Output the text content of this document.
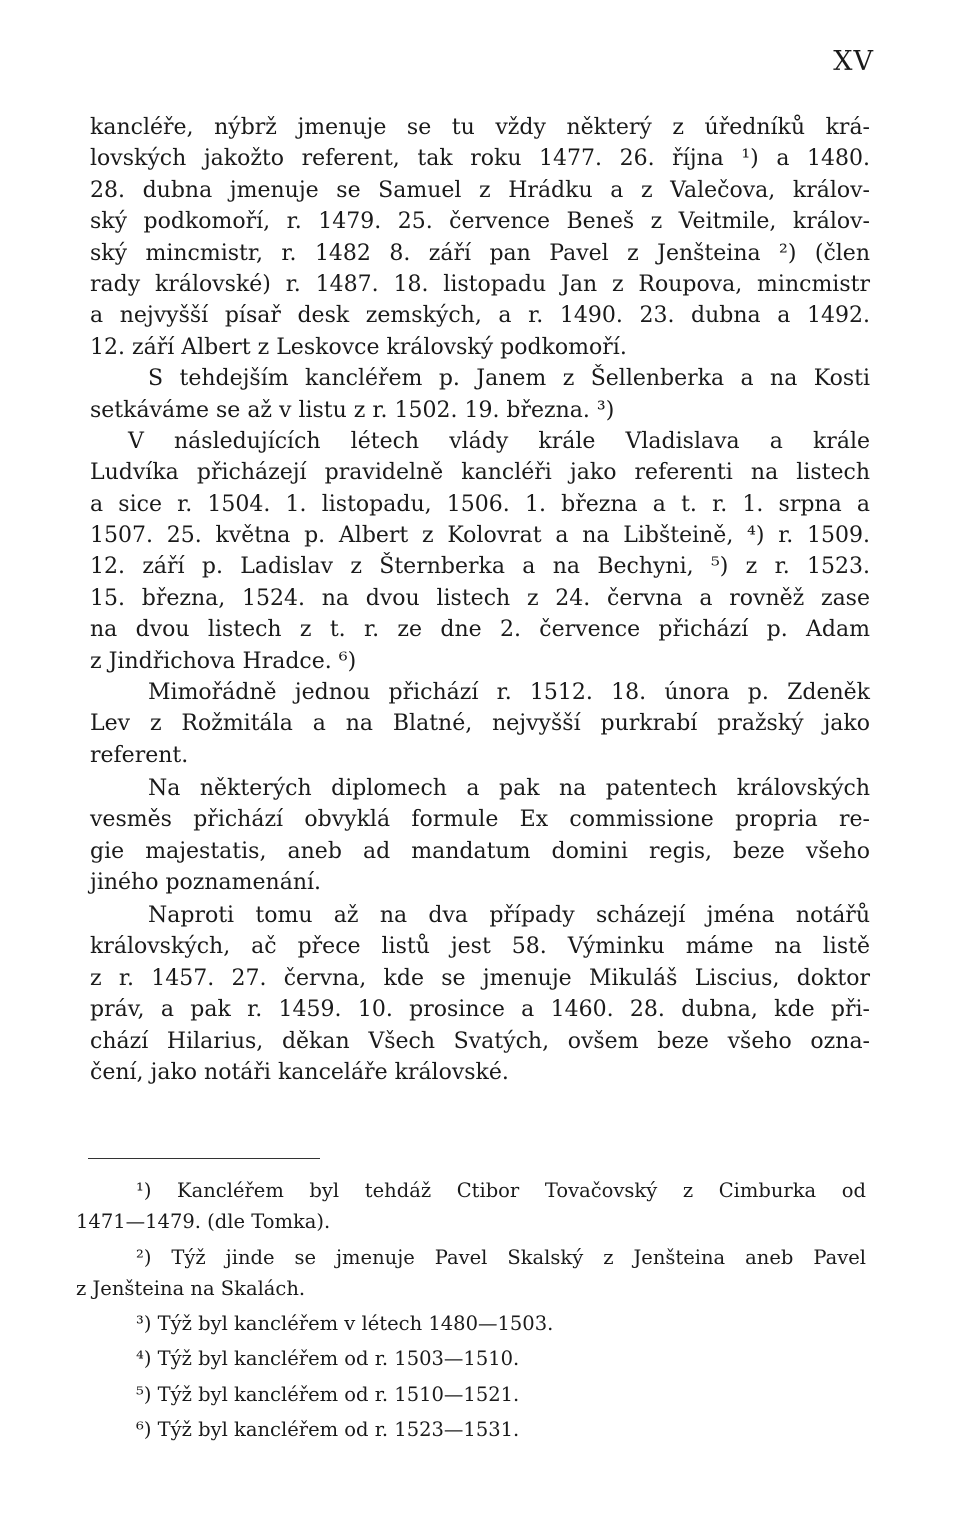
XV
kancléře, nýbrž jmenuje se tu vždy některý z úředníků krá-
lovských jakožto referent, tak roku 1477. 26. října ¹) a 1480.
28. dubna jmenuje se Samuel z Hrádku a z Valečova, králov-
ský podkomoří, r. 1479. 25. července Beneš z Veitmile, králov-
ský mincmistr, r. 1482 8. září pan Pavel z Jenšteina ²) (člen
rady královské) r. 1487. 18. listopadu Jan z Roupova, mincmistr
a nejvyšší písař desk zemských, a r. 1490. 23. dubna a 1492.
12. září Albert z Leskovce královský podkomoří.
S tehdejším kancléřem p. Janem z Šellenberka a na Kosti
setkáváme se až v listu z r. 1502. 19. března. ³)
V následujících létech vlády krále Vladislava a krále
Ludvíka přicházejí pravidelně kancléři jako referenti na listech
a sice r. 1504. 1. listopadu, 1506. 1. března a t. r. 1. srpna a
1507. 25. května p. Albert z Kolovrat a na Libšteině, ⁴) r. 1509.
12. září p. Ladislav z Šternberka a na Bechyni, ⁵) z r. 1523.
15. března, 1524. na dvou listech z 24. června a rovněž zase
na dvou listech z t. r. ze dne 2. července přichází p. Adam
z Jindřichova Hradce. ⁶)
Mimořádně jednou přichází r. 1512. 18. února p. Zdeněk
Lev z Rožmitála a na Blatné, nejvyšší purkrabí pražský jako
referent.
Na některých diplomech a pak na patentech královských
vesměs přichází obvyklá formule Ex commissione propria re-
gie majestatis, aneb ad mandatum domini regis, beze všeho
jiného poznamenání.
Naproti tomu až na dva případy scházejí jména notářů
královských, ač přece listů jest 58. Výminku máme na listě
z r. 1457. 27. června, kde se jmenuje Mikuláš Liscius, doktor
práv, a pak r. 1459. 10. prosince a 1460. 28. dubna, kde při-
chází Hilarius, děkan Všech Svatých, ovšem beze všeho ozna-
čení, jako notáři kanceláře královské.
¹) Kancléřem byl tehdáž Ctibor Tovačovský z Cimburka od
1471—1479. (dle Tomka).
²) Týž jinde se jmenuje Pavel Skalský z Jenšteina aneb Pavel
z Jenšteina na Skalách.
³) Týž byl kancléřem v létech 1480—1503.
⁴) Týž byl kancléřem od r. 1503—1510.
⁵) Týž byl kancléřem od r. 1510—1521.
⁶) Týž byl kancléřem od r. 1523—1531.
